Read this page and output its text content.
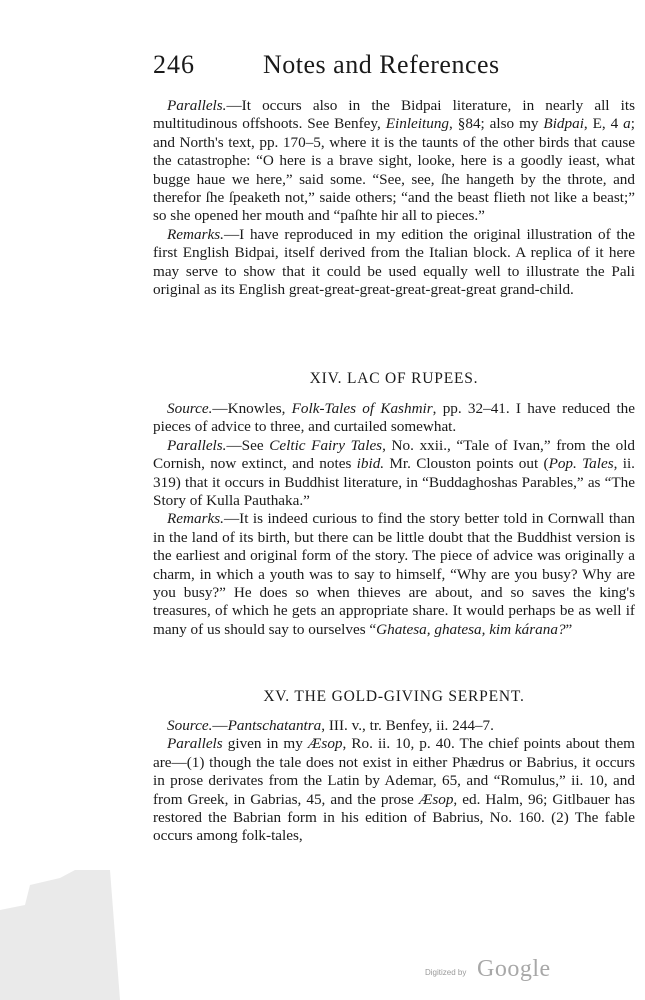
246	Notes and References

Parallels.—It occurs also in the Bidpai literature, in nearly all its multitudinous offshoots. See Benfey, Einleitung, §84; also my Bidpai, E, 4 a; and North's text, pp. 170–5, where it is the taunts of the other birds that cause the catastrophe: “O here is a brave sight, looke, here is a goodly ieast, what bugge haue we here,” said some. “See, see, ſhe hangeth by the throte, and therefor ſhe ſpeaketh not,” saide others; “and the beast flieth not like a beast;” so she opened her mouth and “paſhte hir all to pieces.”

Remarks.—I have reproduced in my edition the original illustration of the first English Bidpai, itself derived from the Italian block. A replica of it here may serve to show that it could be used equally well to illustrate the Pali original as its English great-great-great-great-great-great grand-child.

XIV. LAC OF RUPEES.

Source.—Knowles, Folk-Tales of Kashmir, pp. 32–41. I have reduced the pieces of advice to three, and curtailed somewhat.

Parallels.—See Celtic Fairy Tales, No. xxii., “Tale of Ivan,” from the old Cornish, now extinct, and notes ibid. Mr. Clouston points out (Pop. Tales, ii. 319) that it occurs in Buddhist literature, in “Buddaghoshas Parables,” as “The Story of Kulla Pauthaka.”

Remarks.—It is indeed curious to find the story better told in Cornwall than in the land of its birth, but there can be little doubt that the Buddhist version is the earliest and original form of the story. The piece of advice was originally a charm, in which a youth was to say to himself, “Why are you busy? Why are you busy?” He does so when thieves are about, and so saves the king's treasures, of which he gets an appropriate share. It would perhaps be as well if many of us should say to ourselves “Ghatesa, ghatesa, kim kárana?”

XV. THE GOLD-GIVING SERPENT.

Source.—Pantschatantra, III. v., tr. Benfey, ii. 244–7.

Parallels given in my Æsop, Ro. ii. 10, p. 40. The chief points about them are—(1) though the tale does not exist in either Phædrus or Babrius, it occurs in prose derivates from the Latin by Ademar, 65, and “Romulus,” ii. 10, and from Greek, in Gabrias, 45, and the prose Æsop, ed. Halm, 96; Gitlbauer has restored the Babrian form in his edition of Babrius, No. 160. (2) The fable occurs among folk-tales,

Digitized by Google
